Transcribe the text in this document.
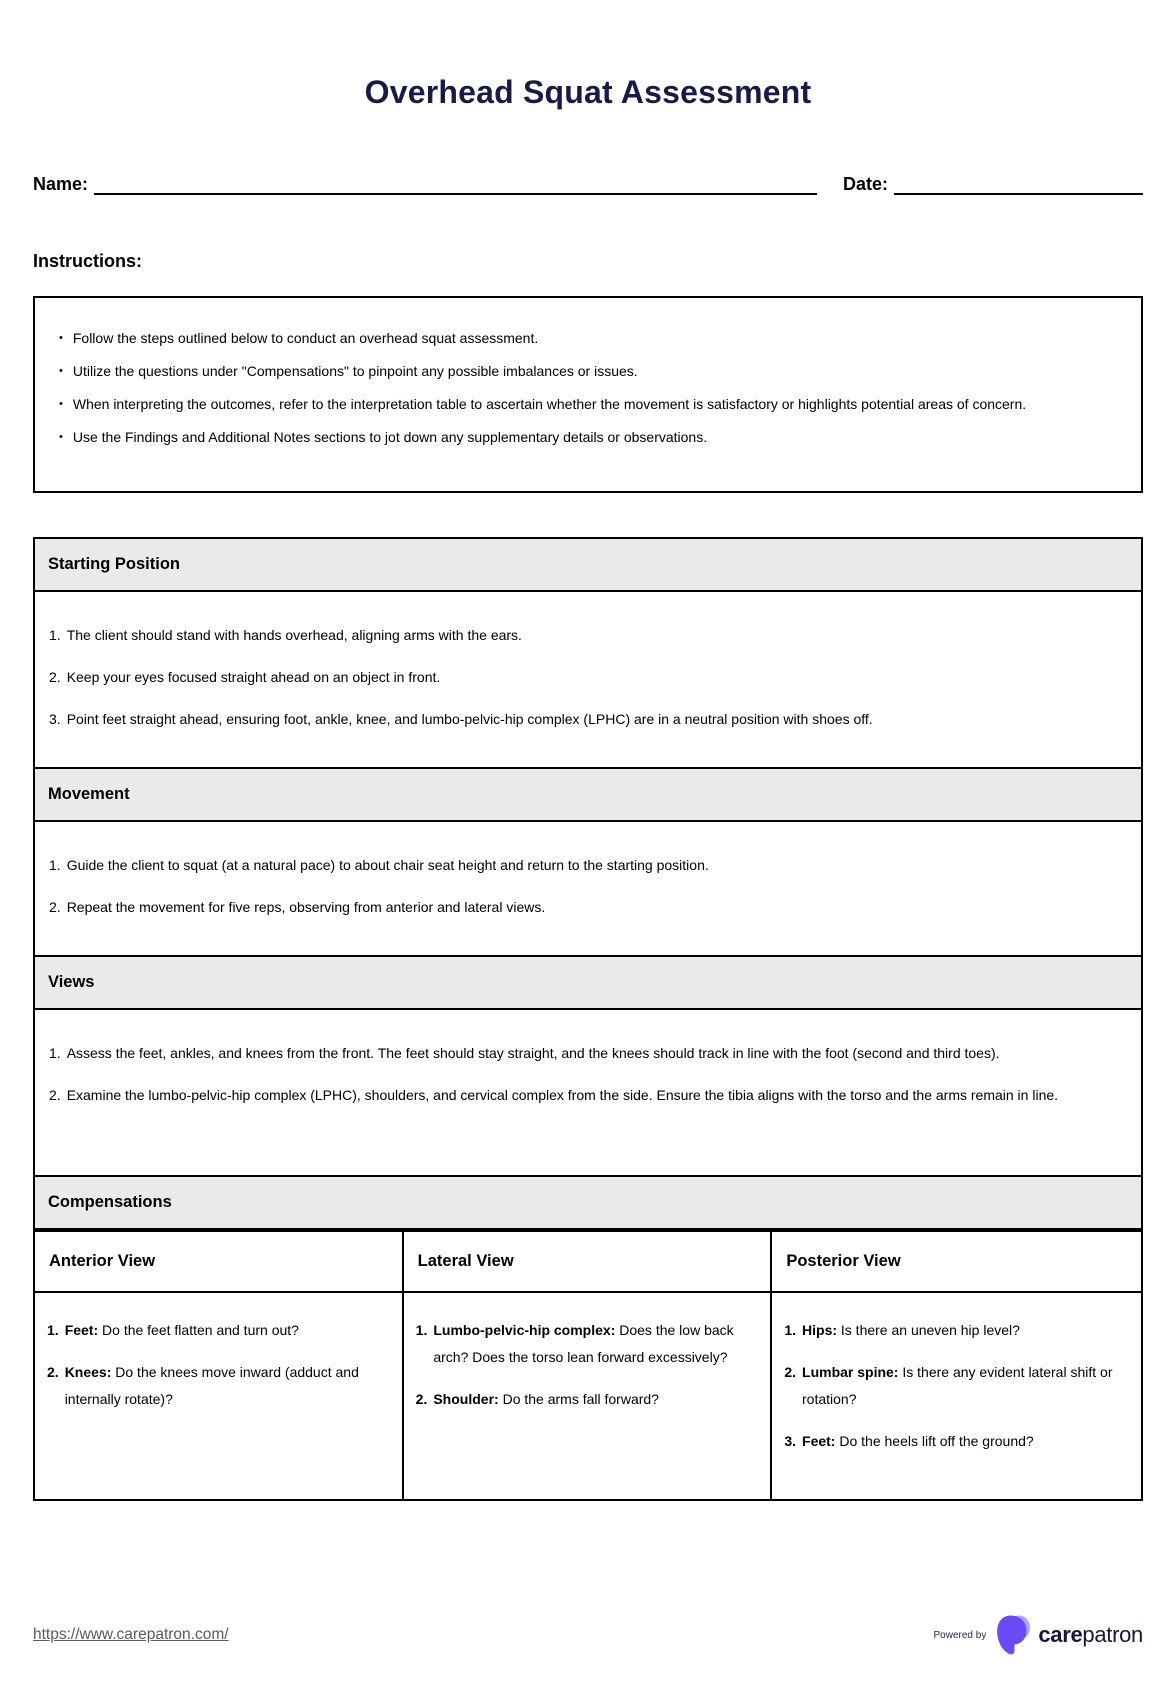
Overhead Squat Assessment
Name:	Date:
Instructions:
• Follow the steps outlined below to conduct an overhead squat assessment.
• Utilize the questions under "Compensations" to pinpoint any possible imbalances or issues.
• When interpreting the outcomes, refer to the interpretation table to ascertain whether the movement is satisfactory or highlights potential areas of concern.
• Use the Findings and Additional Notes sections to jot down any supplementary details or observations.
Starting Position
1. The client should stand with hands overhead, aligning arms with the ears.
2. Keep your eyes focused straight ahead on an object in front.
3. Point feet straight ahead, ensuring foot, ankle, knee, and lumbo-pelvic-hip complex (LPHC) are in a neutral position with shoes off.
Movement
1. Guide the client to squat (at a natural pace) to about chair seat height and return to the starting position.
2. Repeat the movement for five reps, observing from anterior and lateral views.
Views
1. Assess the feet, ankles, and knees from the front. The feet should stay straight, and the knees should track in line with the foot (second and third toes).
2. Examine the lumbo-pelvic-hip complex (LPHC), shoulders, and cervical complex from the side. Ensure the tibia aligns with the torso and the arms remain in line.
Compensations
Anterior View
1. Feet: Do the feet flatten and turn out?
2. Knees: Do the knees move inward (adduct and internally rotate)?
Lateral View
1. Lumbo-pelvic-hip complex: Does the low back arch? Does the torso lean forward excessively?
2. Shoulder: Do the arms fall forward?
Posterior View
1. Hips: Is there an uneven hip level?
2. Lumbar spine: Is there any evident lateral shift or rotation?
3. Feet: Do the heels lift off the ground?
https://www.carepatron.com/	Powered by carepatron
